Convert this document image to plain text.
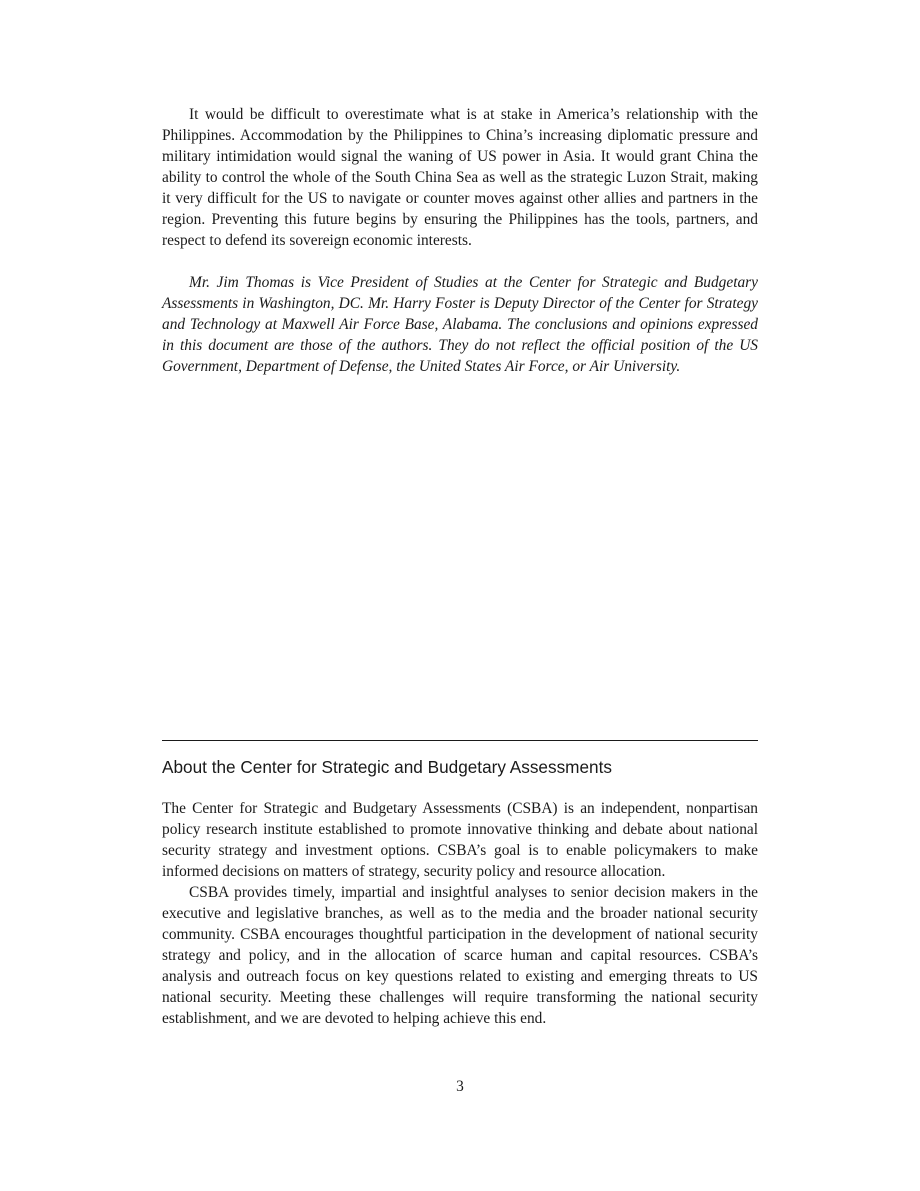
It would be difficult to overestimate what is at stake in America’s relationship with the Philippines. Accommodation by the Philippines to China’s increasing diplomatic pressure and military intimidation would signal the waning of US power in Asia. It would grant China the ability to control the whole of the South China Sea as well as the strategic Luzon Strait, making it very difficult for the US to navigate or counter moves against other allies and partners in the region. Preventing this future begins by ensuring the Philippines has the tools, partners, and respect to defend its sovereign economic interests.

Mr. Jim Thomas is Vice President of Studies at the Center for Strategic and Budgetary Assessments in Washington, DC. Mr. Harry Foster is Deputy Director of the Center for Strategy and Technology at Maxwell Air Force Base, Alabama. The conclusions and opinions expressed in this document are those of the authors. They do not reflect the official position of the US Government, Department of Defense, the United States Air Force, or Air University.

About the Center for Strategic and Budgetary Assessments

The Center for Strategic and Budgetary Assessments (CSBA) is an independent, nonpartisan policy research institute established to promote innovative thinking and debate about national security strategy and investment options. CSBA’s goal is to enable policymakers to make informed decisions on matters of strategy, security policy and resource allocation.

CSBA provides timely, impartial and insightful analyses to senior decision makers in the executive and legislative branches, as well as to the media and the broader national security community. CSBA encourages thoughtful participation in the development of national security strategy and policy, and in the allocation of scarce human and capital resources. CSBA’s analysis and outreach focus on key questions related to existing and emerging threats to US national security. Meeting these challenges will require transforming the national security establishment, and we are devoted to helping achieve this end.

3
